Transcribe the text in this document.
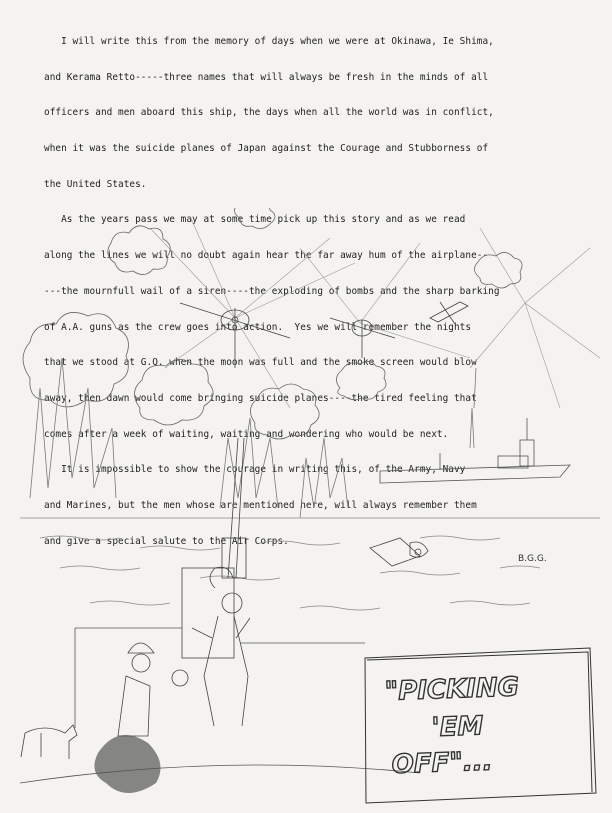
I will write this from the memory of days when we were at Okinawa, Ie Shima,

and Kerama Retto-----three names that will always be fresh in the minds of all

officers and men aboard this ship, the days when all the world was in conflict,

when it was the suicide planes of Japan against the Courage and Stubborness of

the United States.

As the years pass we may at some time pick up this story and as we read

along the lines we will no doubt again hear the far away hum of the airplane--

---the mournfull wail of a siren----the exploding of bombs and the sharp barking

of A.A. guns as the crew goes into action.  Yes we will remember the nights

that we stood at G.Q. when the moon was full and the smoke screen would blow

away, then dawn would come bringing suicide planes----the tired feeling that

comes after a week of waiting, waiting and wondering who would be next.

It is impossible to show the courage in writing this, of the Army, Navy

and Marines, but the men whose are mentioned here, will always remember them

and give a special salute to the Air Corps.

B.G.G.
"PICKING
'EM
OFF"...
